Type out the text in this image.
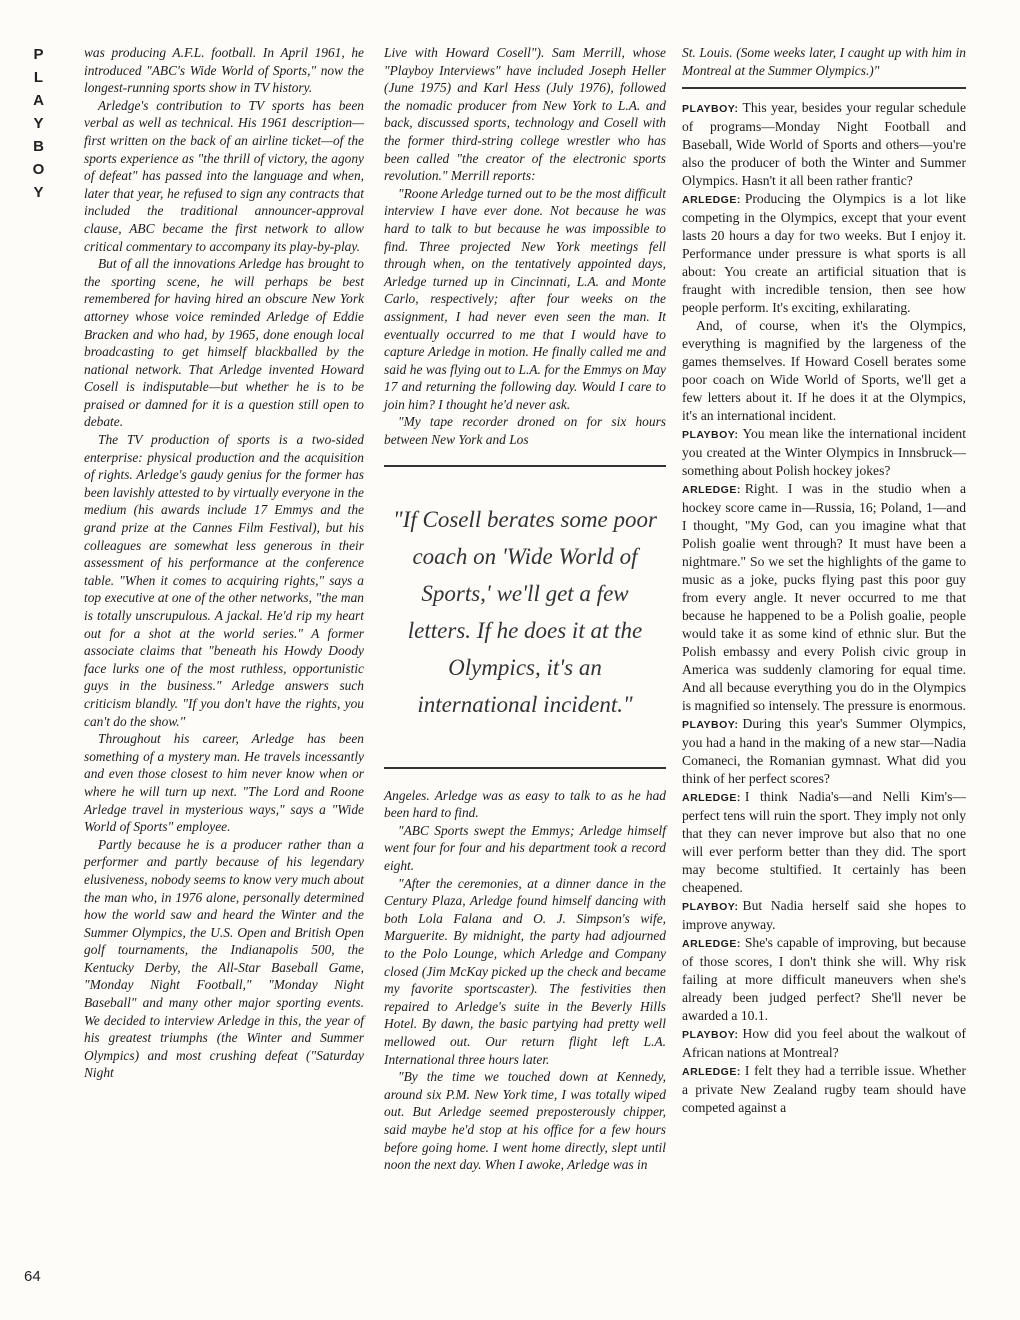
PLAYBOY
64

was producing A.F.L. football. In April 1961, he introduced "ABC's Wide World of Sports," now the longest-running sports show in TV history.

Arledge's contribution to TV sports has been verbal as well as technical. His 1961 description—first written on the back of an airline ticket—of the sports experience as "the thrill of victory, the agony of defeat" has passed into the language and when, later that year, he refused to sign any contracts that included the traditional announcer-approval clause, ABC became the first network to allow critical commentary to accompany its play-by-play.

But of all the innovations Arledge has brought to the sporting scene, he will perhaps be best remembered for having hired an obscure New York attorney whose voice reminded Arledge of Eddie Bracken and who had, by 1965, done enough local broadcasting to get himself blackballed by the national network. That Arledge invented Howard Cosell is indisputable—but whether he is to be praised or damned for it is a question still open to debate.

The TV production of sports is a two-sided enterprise: physical production and the acquisition of rights. Arledge's gaudy genius for the former has been lavishly attested to by virtually everyone in the medium (his awards include 17 Emmys and the grand prize at the Cannes Film Festival), but his colleagues are somewhat less generous in their assessment of his performance at the conference table. "When it comes to acquiring rights," says a top executive at one of the other networks, "the man is totally unscrupulous. A jackal. He'd rip my heart out for a shot at the world series." A former associate claims that "beneath his Howdy Doody face lurks one of the most ruthless, opportunistic guys in the business." Arledge answers such criticism blandly. "If you don't have the rights, you can't do the show."

Throughout his career, Arledge has been something of a mystery man. He travels incessantly and even those closest to him never know when or where he will turn up next. "The Lord and Roone Arledge travel in mysterious ways," says a "Wide World of Sports" employee.

Partly because he is a producer rather than a performer and partly because of his legendary elusiveness, nobody seems to know very much about the man who, in 1976 alone, personally determined how the world saw and heard the Winter and the Summer Olympics, the U.S. Open and British Open golf tournaments, the Indianapolis 500, the Kentucky Derby, the All-Star Baseball Game, "Monday Night Football," "Monday Night Baseball" and many other major sporting events. We decided to interview Arledge in this, the year of his greatest triumphs (the Winter and Summer Olympics) and most crushing defeat ("Saturday Night

Live with Howard Cosell"). Sam Merrill, whose "Playboy Interviews" have included Joseph Heller (June 1975) and Karl Hess (July 1976), followed the nomadic producer from New York to L.A. and back, discussed sports, technology and Cosell with the former third-string college wrestler who has been called "the creator of the electronic sports revolution." Merrill reports:

"Roone Arledge turned out to be the most difficult interview I have ever done. Not because he was hard to talk to but because he was impossible to find. Three projected New York meetings fell through when, on the tentatively appointed days, Arledge turned up in Cincinnati, L.A. and Monte Carlo, respectively; after four weeks on the assignment, I had never even seen the man. It eventually occurred to me that I would have to capture Arledge in motion. He finally called me and said he was flying out to L.A. for the Emmys on May 17 and returning the following day. Would I care to join him? I thought he'd never ask.

"My tape recorder droned on for six hours between New York and Los

"If Cosell berates some poor coach on 'Wide World of Sports,' we'll get a few letters. If he does it at the Olympics, it's an international incident."

Angeles. Arledge was as easy to talk to as he had been hard to find.

"ABC Sports swept the Emmys; Arledge himself went four for four and his department took a record eight.

"After the ceremonies, at a dinner dance in the Century Plaza, Arledge found himself dancing with both Lola Falana and O. J. Simpson's wife, Marguerite. By midnight, the party had adjourned to the Polo Lounge, which Arledge and Company closed (Jim McKay picked up the check and became my favorite sportscaster). The festivities then repaired to Arledge's suite in the Beverly Hills Hotel. By dawn, the basic partying had pretty well mellowed out. Our return flight left L.A. International three hours later.

"By the time we touched down at Kennedy, around six P.M. New York time, I was totally wiped out. But Arledge seemed preposterously chipper, said maybe he'd stop at his office for a few hours before going home. I went home directly, slept until noon the next day. When I awoke, Arledge was in

St. Louis. (Some weeks later, I caught up with him in Montreal at the Summer Olympics.)"

PLAYBOY: This year, besides your regular schedule of programs—Monday Night Football and Baseball, Wide World of Sports and others—you're also the producer of both the Winter and Summer Olympics. Hasn't it all been rather frantic?

ARLEDGE: Producing the Olympics is a lot like competing in the Olympics, except that your event lasts 20 hours a day for two weeks. But I enjoy it. Performance under pressure is what sports is all about: You create an artificial situation that is fraught with incredible tension, then see how people perform. It's exciting, exhilarating.

And, of course, when it's the Olympics, everything is magnified by the largeness of the games themselves. If Howard Cosell berates some poor coach on Wide World of Sports, we'll get a few letters about it. If he does it at the Olympics, it's an international incident.

PLAYBOY: You mean like the international incident you created at the Winter Olympics in Innsbruck—something about Polish hockey jokes?

ARLEDGE: Right. I was in the studio when a hockey score came in—Russia, 16; Poland, 1—and I thought, "My God, can you imagine what that Polish goalie went through? It must have been a nightmare." So we set the highlights of the game to music as a joke, pucks flying past this poor guy from every angle. It never occurred to me that because he happened to be a Polish goalie, people would take it as some kind of ethnic slur. But the Polish embassy and every Polish civic group in America was suddenly clamoring for equal time. And all because everything you do in the Olympics is magnified so intensely. The pressure is enormous.

PLAYBOY: During this year's Summer Olympics, you had a hand in the making of a new star—Nadia Comaneci, the Romanian gymnast. What did you think of her perfect scores?

ARLEDGE: I think Nadia's—and Nelli Kim's—perfect tens will ruin the sport. They imply not only that they can never improve but also that no one will ever perform better than they did. The sport may become stultified. It certainly has been cheapened.

PLAYBOY: But Nadia herself said she hopes to improve anyway.

ARLEDGE: She's capable of improving, but because of those scores, I don't think she will. Why risk failing at more difficult maneuvers when she's already been judged perfect? She'll never be awarded a 10.1.

PLAYBOY: How did you feel about the walkout of African nations at Montreal?

ARLEDGE: I felt they had a terrible issue. Whether a private New Zealand rugby team should have competed against a
